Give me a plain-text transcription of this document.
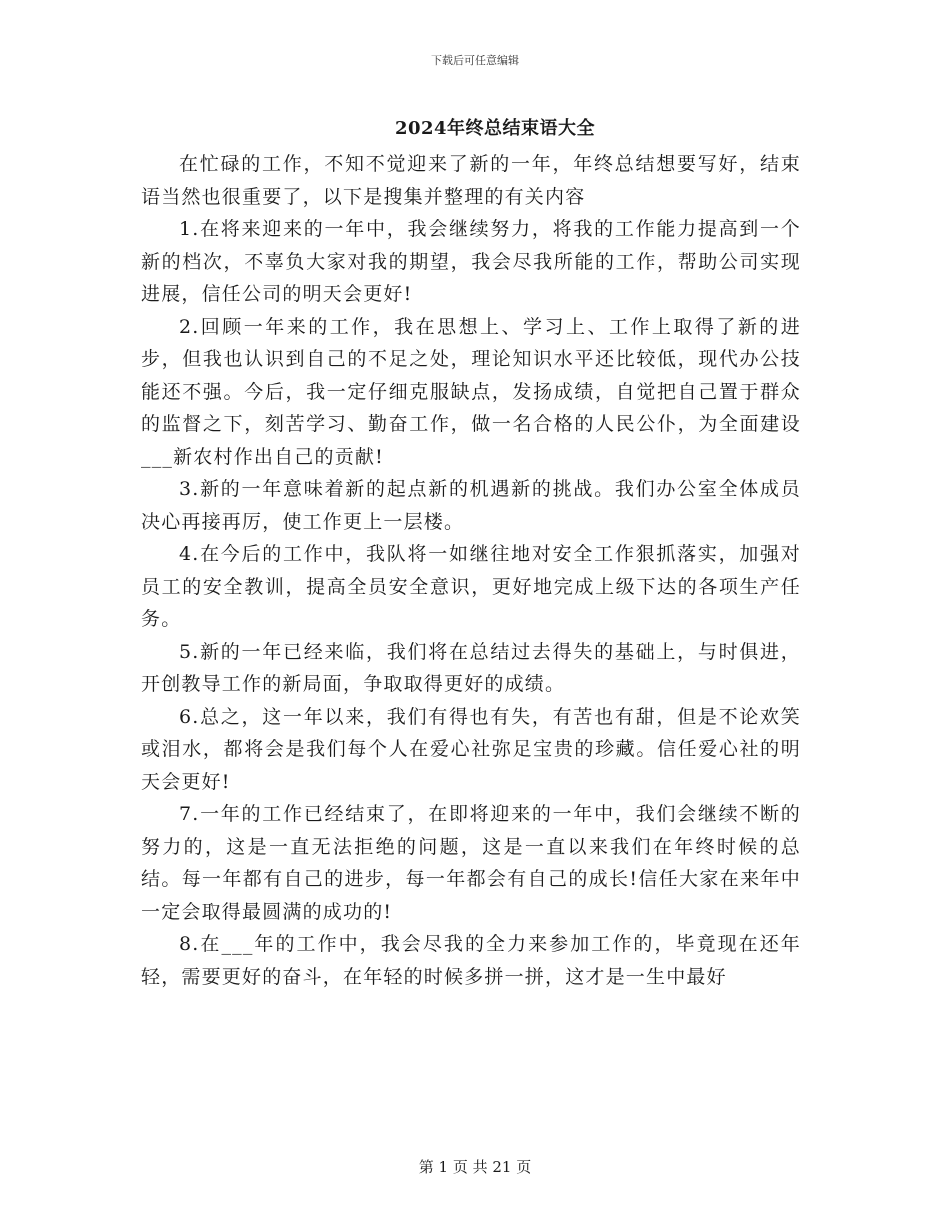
下载后可任意编辑
2024年终总结束语大全

在忙碌的工作，不知不觉迎来了新的一年，年终总结想要写好，结束语当然也很重要了，以下是搜集并整理的有关内容

1.在将来迎来的一年中，我会继续努力，将我的工作能力提高到一个新的档次，不辜负大家对我的期望，我会尽我所能的工作，帮助公司实现进展，信任公司的明天会更好!

2.回顾一年来的工作，我在思想上、学习上、工作上取得了新的进步，但我也认识到自己的不足之处，理论知识水平还比较低，现代办公技能还不强。今后，我一定仔细克服缺点，发扬成绩，自觉把自己置于群众的监督之下，刻苦学习、勤奋工作，做一名合格的人民公仆，为全面建设___新农村作出自己的贡献!

3.新的一年意味着新的起点新的机遇新的挑战。我们办公室全体成员决心再接再厉，使工作更上一层楼。

4.在今后的工作中，我队将一如继往地对安全工作狠抓落实，加强对员工的安全教训，提高全员安全意识，更好地完成上级下达的各项生产任务。

5.新的一年已经来临，我们将在总结过去得失的基础上，与时俱进，开创教导工作的新局面，争取取得更好的成绩。

6.总之，这一年以来，我们有得也有失，有苦也有甜，但是不论欢笑或泪水，都将会是我们每个人在爱心社弥足宝贵的珍藏。信任爱心社的明天会更好!

7.一年的工作已经结束了，在即将迎来的一年中，我们会继续不断的努力的，这是一直无法拒绝的问题，这是一直以来我们在年终时候的总结。每一年都有自己的进步，每一年都会有自己的成长!信任大家在来年中一定会取得最圆满的成功的!

8.在___年的工作中，我会尽我的全力来参加工作的，毕竟现在还年轻，需要更好的奋斗，在年轻的时候多拼一拼，这才是一生中最好

第 1 页 共 21 页
